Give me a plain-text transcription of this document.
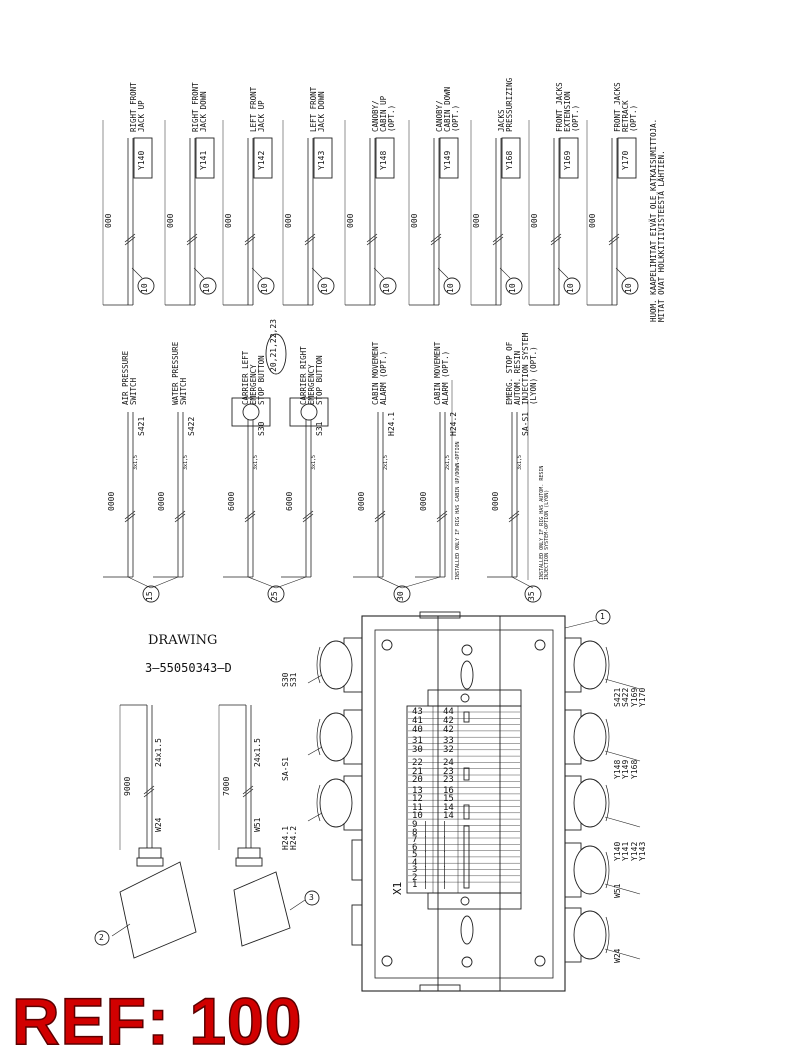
Y140
RIGHT FRONT
JACK UP
000
10
Y141
RIGHT FRONT
JACK DOWN
000
10
Y142
LEFT FRONT
JACK UP
000
10
Y143
LEFT FRONT
JACK DOWN
000
10
Y148
CANOBY/
CABIN UP
(OPT.)
000
10
Y149
CANOBY/
CABIN DOWN
(OPT.)
000
10
Y168
JACKS
PRESSURIZING
000
10
Y169
FRONT JACKS
EXTENSION
(OPT.)
000
10
Y170
FRONT JACKS
RETRACK
(OPT.)
000
10 HUOM. KAAPELIMITAT EIVÄT OLE KATKAISUMITTOJA.
MITAT OVAT HOLKKITIIVISTEESTÄ LÄHTIEN.
3x1,5
S421
0000
AIR PRESSURE
SWITCH
3x1,5
S422
0000
WATER PRESSURE
SWITCH
3x1,5
S30
6000
CARRIER LEFT
EMERGENCY
STOP BUTTON
3x1,5
S31
6000
CARRIER RIGHT
EMERGENCY
STOP BUTTON
2x1,5
H24.1
0000
CABIN MOVEMENT
ALARM (OPT.)
2x1,5
H24.2
0000
CABIN MOVEMENT
ALARM (OPT.)
3x1,5
SA-S1
0000
EMERG. STOP OF
AUTOM. RESIN
INJECTION SYSTEM
(LYON) (OPT.)
20,21,22,23
INSTALLED ONLY IF RIG HAS CABIN UP/DOWN-OPTION	INSTALLED ONLY IF RIG HAS AUTOM. RESIN INJECTION SYSTEM-OPTION (LYON)
15	25	30	35
24x1.5
W24
9000
2
24x1.5
W51
7000
3
1
43 44
41 42
40 42
31 33
30 32
22 24
21 23
20 23
13 16
12 15
11 14
10 14
9 | |
8 | |
7 | |
6 | |
5 | |
4 | |
3 | |
2 | |
1 | |
X1
S30 S31
SA-S1
H24.1 H24.2
S421 S422 Y169 Y170
Y148 Y149 Y168
Y140 Y141 Y142 Y143
W51
W24
DRAWING
3—55050343—D
REF: 100
